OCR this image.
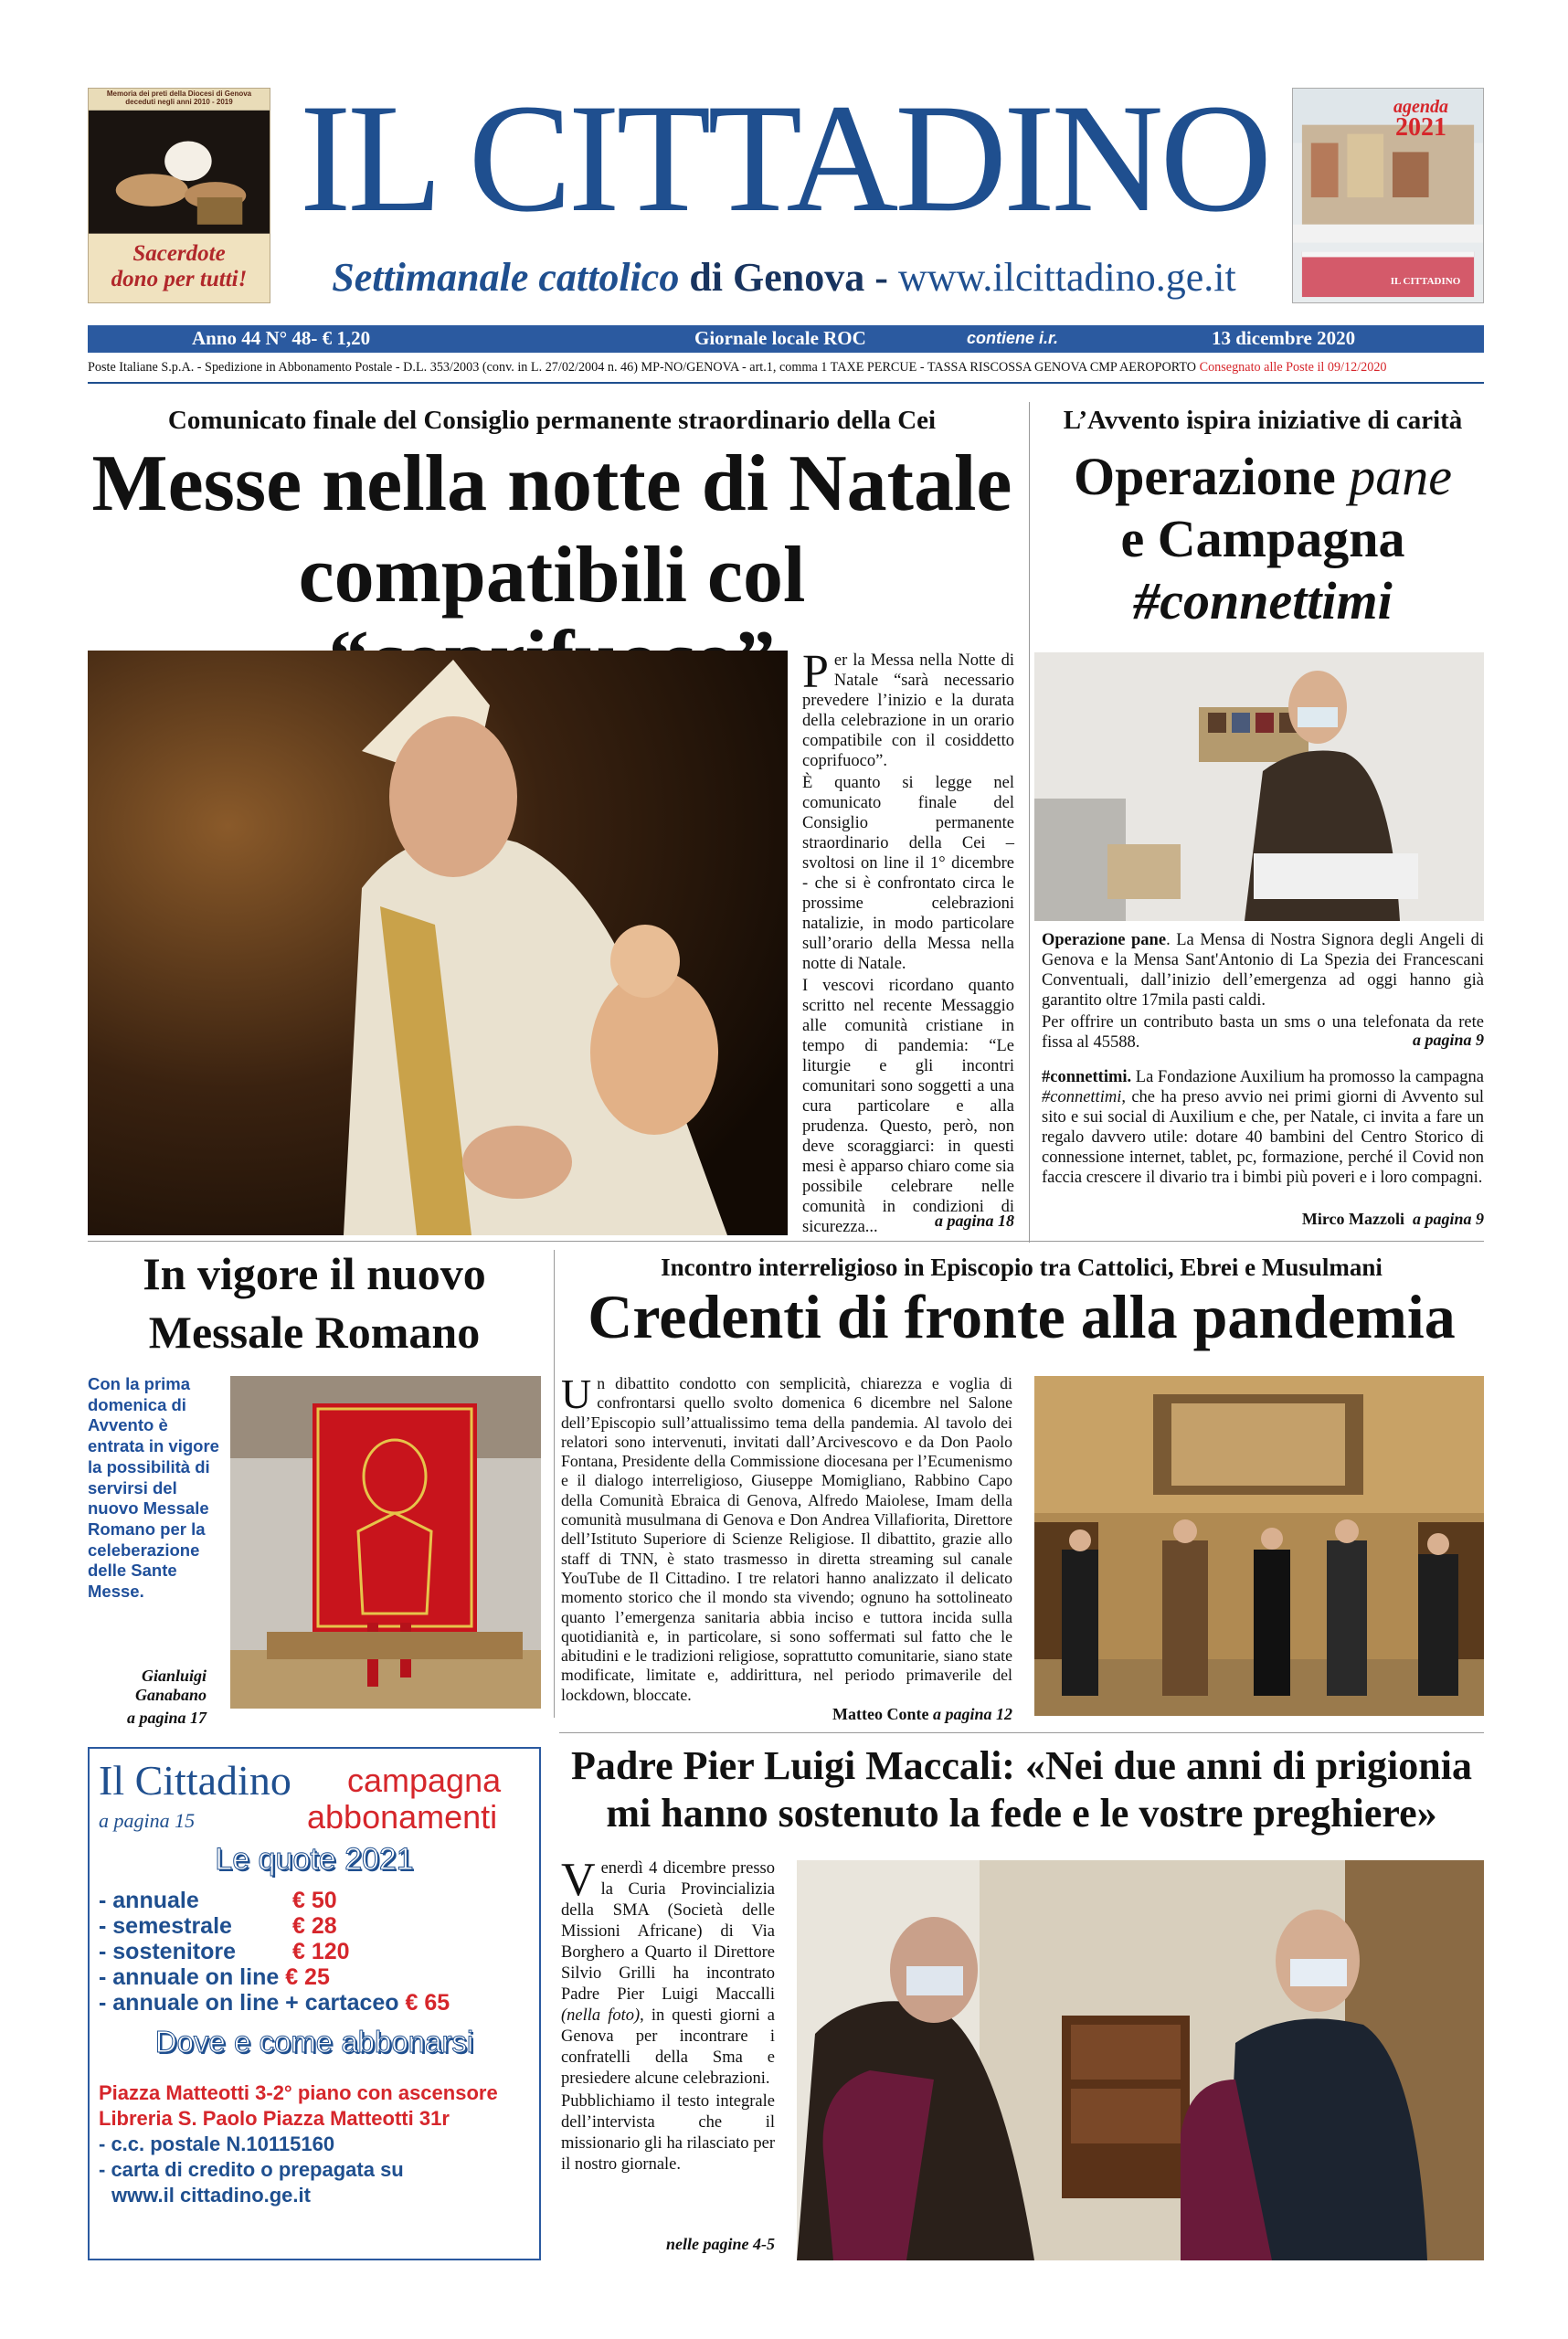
Memoria dei preti della Diocesi di Genova deceduti negli anni 2010 - 2019
Sacerdote
dono per tutti!
IL CITTADINO
Settimanale cattolico di Genova - www.ilcittadino.ge.it
agenda
2021
IL CITTADINO
Anno 44 N° 48- € 1,20	Giornale locale ROC	contiene i.r.	13 dicembre 2020
Poste Italiane S.p.A. - Spedizione in Abbonamento Postale - D.L. 353/2003 (conv. in L. 27/02/2004 n. 46) MP-NO/GENOVA - art.1, comma 1 TAXE PERCUE - TASSA RISCOSSA GENOVA CMP AEROPORTO Consegnato alle Poste il 09/12/2020
Comunicato finale del Consiglio permanente straordinario della Cei
Messe nella notte di Natale
compatibili col
P er la Messa nella Notte di Natale “sarà necessario prevedere l’inizio e la durata della celebrazione in un orario compatibile con il cosiddetto coprifuoco”.

È quanto si legge nel comunicato finale del Consiglio permanente straordinario della Cei – svoltosi on line il 1° dicembre - che si è confrontato circa le prossime celebrazioni natalizie, in modo particolare sull’orario della Messa nella notte di Natale.

I vescovi ricordano quanto scritto nel recente Messaggio alle comunità cristiane in tempo di pandemia: “Le liturgie e gli incontri comunitari sono soggetti a una cura particolare e alla prudenza. Questo, però, non deve scoraggiarci: in questi mesi è apparso chiaro come sia possibile celebrare nelle comunità in condizioni di sicurezza...	a pagina 18
L’Avvento ispira iniziative di carità
Operazione pane
e Campagna
#connettimi

Operazione pane. La Mensa di Nostra Signora degli Angeli di Genova e la Mensa Sant'Antonio di La Spezia dei Francescani Conventuali, dall’inizio dell’emergenza ad oggi hanno già garantito oltre 17mila pasti caldi.

Per offrire un contributo basta un sms o una telefonata da rete fissa al 45588.	a pagina 9

#connettimi. La Fondazione Auxilium ha promosso la campagna #connettimi, che ha preso avvio nei primi giorni di Avvento sul sito e sui social di Auxilium e che, per Natale, ci invita a fare un regalo davvero utile: dotare 40 bambini del Centro Storico di connessione internet, tablet, pc, formazione, perché il Covid non faccia crescere il divario tra i bimbi più poveri e i loro compagni.

Mirco Mazzoli a pagina 9
In vigore il nuovo
Messale Romano
Con la prima domenica di Avvento è entrata in vigore la possibilità di servirsi del nuovo Messale Romano per la celeberazione delle Sante Messe.
Gianluigi Ganabano
a pagina 17
Incontro interreligioso in Episcopio tra Cattolici, Ebrei e Musulmani
Credenti di fronte alla pandemia
U n dibattito condotto con semplicità, chiarezza e voglia di confrontarsi quello svolto domenica 6 dicembre nel Salone dell’Episcopio sull’attualissimo tema della pandemia. Al tavolo dei relatori sono intervenuti, invitati dall’Arcivescovo e da Don Paolo Fontana, Presidente della Commissione diocesana per l’Ecumenismo e il dialogo interreligioso, Giuseppe Momigliano, Rabbino Capo della Comunità Ebraica di Genova, Alfredo Maiolese, Imam della comunità musulmana di Genova e Don Andrea Villafiorita, Direttore dell’Istituto Superiore di Scienze Religiose. Il dibattito, grazie allo staff di TNN, è stato trasmesso in diretta streaming sul canale YouTube de Il Cittadino. I tre relatori hanno analizzato il delicato momento storico che il mondo sta vivendo; ognuno ha sottolineato quanto l’emergenza sanitaria abbia inciso e tuttora incida sulla quotidianità e, in particolare, si sono soffermati sul fatto che le abitudini e le tradizioni religiose, soprattutto comunitarie, siano state modificate, limitate e, addirittura, nel periodo primaverile del lockdown, bloccate.

Matteo Conte a pagina 12
Il Cittadino campagna
abbonamenti
a pagina 15
Le quote 2021
- annuale	€ 50
- semestrale	€ 28
- sostenitore € 120
- annuale on line € 25
- annuale on line + cartaceo € 65
Dove e come abbonarsi
Piazza Matteotti 3-2° piano con ascensore
Libreria S. Paolo Piazza Matteotti 31r
- c.c. postale N.10115160
- carta di credito o prepagata su
www.il cittadino.ge.it
Padre Pier Luigi Maccali: «Nei due anni di prigionia
mi hanno sostenuto la fede e le vostre preghiere»
V enerdì 4 dicembre presso la Curia Provincializia della SMA (Società delle Missioni Africane) di Via Borghero a Quarto il Direttore Silvio Grilli ha incontrato Padre Pier Luigi Maccalli (nella foto), in questi giorni a Genova per incontrare i confratelli della Sma e presiedere alcune celebrazioni.

Pubblichiamo il testo integrale dell’intervista che il missionario gli ha rilasciato per il nostro giornale.

nelle pagine 4-5
